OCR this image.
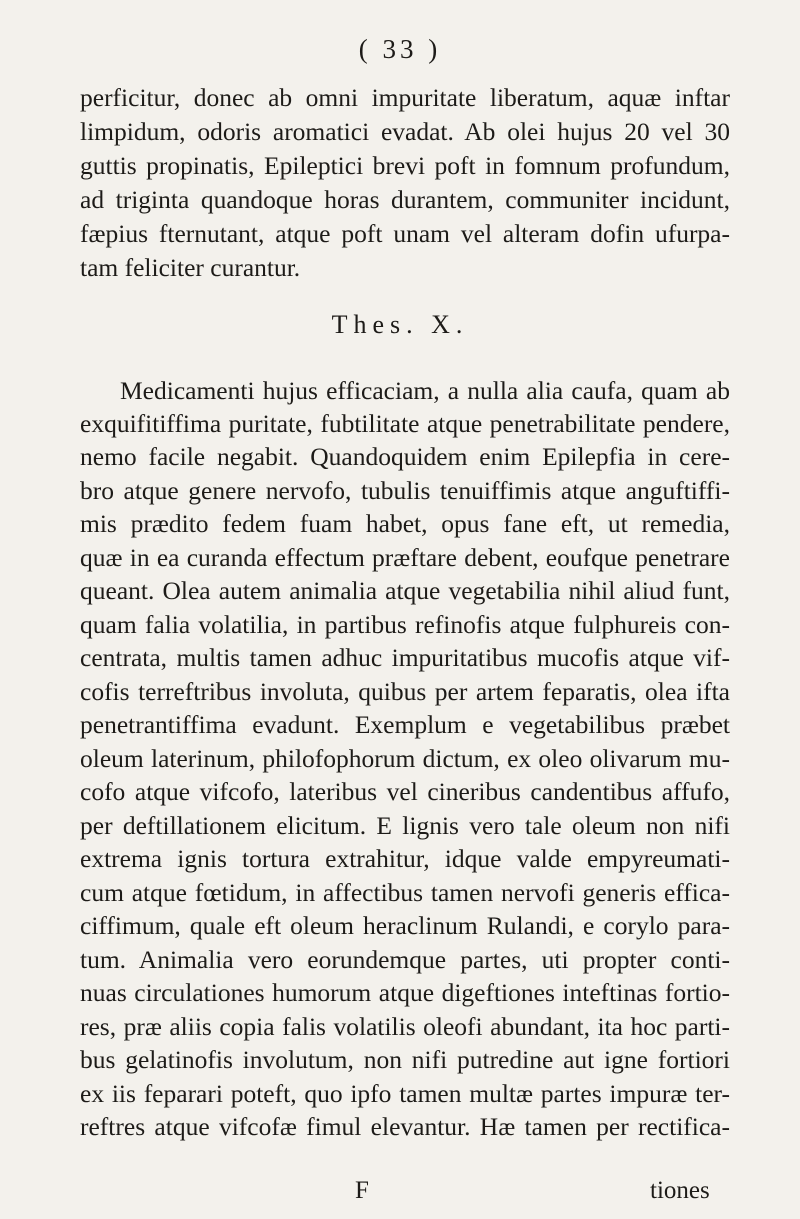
( 33 )
perficitur, donec ab omni impuritate liberatum, aquæ inftar
limpidum, odoris aromatici evadat. Ab olei hujus 20 vel 30
guttis propinatis, Epileptici brevi poft in fomnum profundum,
ad triginta quandoque horas durantem, communiter incidunt,
fæpius fternutant, atque poft unam vel alteram dofin ufurpa-
tam feliciter curantur.
Thes. X.
Medicamenti hujus efficaciam, a nulla alia caufa, quam ab
exquifitiffima puritate, fubtilitate atque penetrabilitate pendere,
nemo facile negabit. Quandoquidem enim Epilepfia in cere-
bro atque genere nervofo, tubulis tenuiffimis atque anguftiffi-
mis prædito fedem fuam habet, opus fane eft, ut remedia,
quæ in ea curanda effectum præftare debent, eoufque penetrare
queant. Olea autem animalia atque vegetabilia nihil aliud funt,
quam falia volatilia, in partibus refinofis atque fulphureis con-
centrata, multis tamen adhuc impuritatibus mucofis atque vif-
cofis terreftribus involuta, quibus per artem feparatis, olea ifta
penetrantiffima evadunt. Exemplum e vegetabilibus præbet
oleum laterinum, philofophorum dictum, ex oleo olivarum mu-
cofo atque vifcofo, lateribus vel cineribus candentibus affufo,
per deftillationem elicitum. E lignis vero tale oleum non nifi
extrema ignis tortura extrahitur, idque valde empyreumati-
cum atque fœtidum, in affectibus tamen nervofi generis effica-
ciffimum, quale eft oleum heraclinum Rulandi, e corylo para-
tum. Animalia vero eorundemque partes, uti propter conti-
nuas circulationes humorum atque digeftiones inteftinas fortio-
res, præ aliis copia falis volatilis oleofi abundant, ita hoc parti-
bus gelatinofis involutum, non nifi putredine aut igne fortiori
ex iis feparari poteft, quo ipfo tamen multæ partes impuræ ter-
reftres atque vifcofæ fimul elevantur. Hæ tamen per rectifica-
F	tiones
